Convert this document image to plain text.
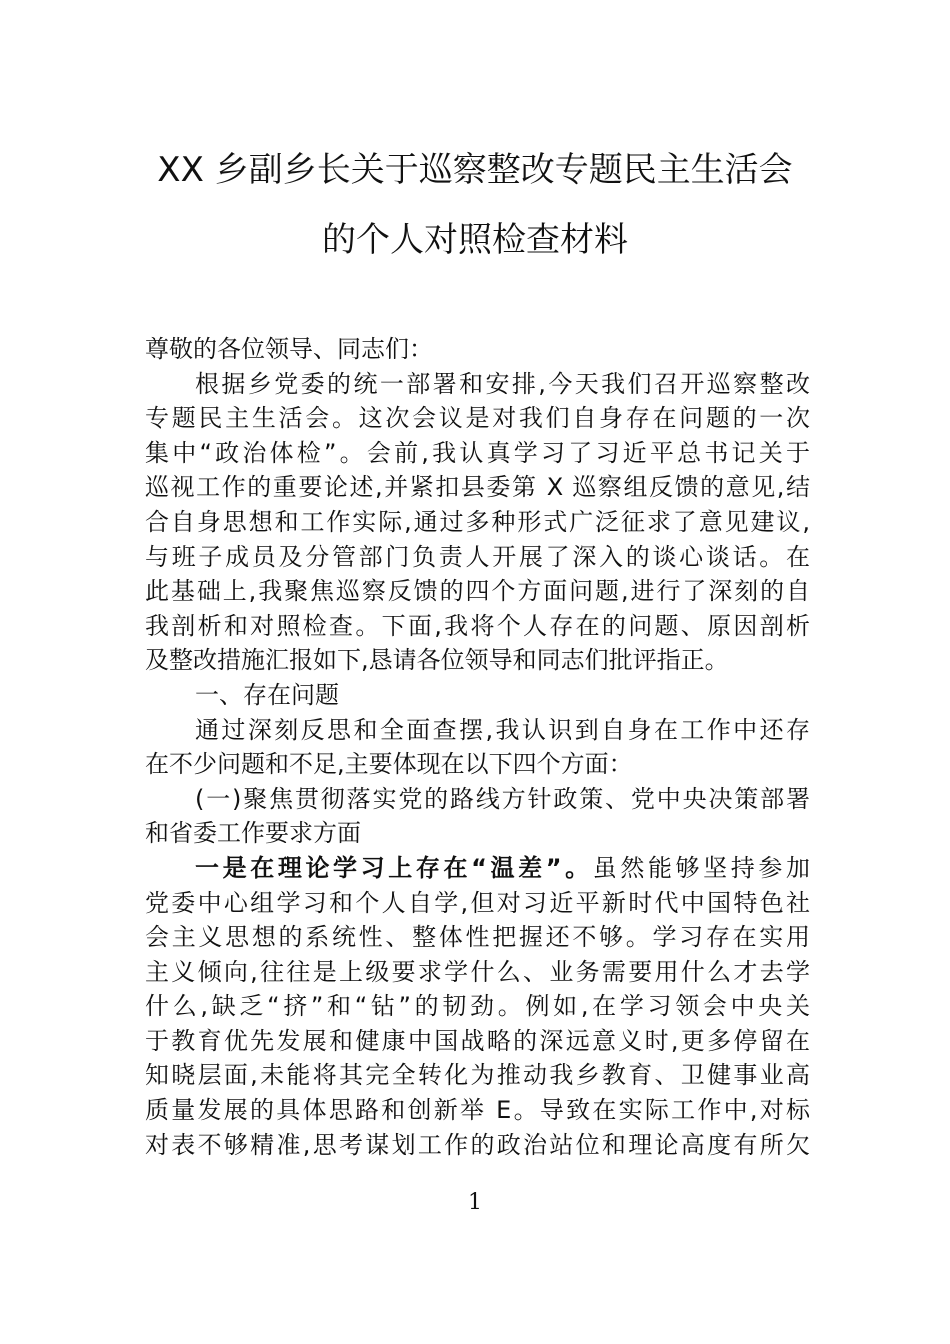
XX 乡副乡长关于巡察整改专题民主生活会
的个人对照检查材料
尊敬的各位领导、同志们：
根据乡党委的统一部署和安排,今天我们召开巡察整改
专题民主生活会。这次会议是对我们自身存在问题的一次
集中“政治体检”。会前,我认真学习了习近平总书记关于
巡视工作的重要论述,并紧扣县委第 X 巡察组反馈的意见,结
合自身思想和工作实际,通过多种形式广泛征求了意见建议,
与班子成员及分管部门负责人开展了深入的谈心谈话。在
此基础上,我聚焦巡察反馈的四个方面问题,进行了深刻的自
我剖析和对照检查。下面,我将个人存在的问题、原因剖析
及整改措施汇报如下,恳请各位领导和同志们批评指正。
一、存在问题
通过深刻反思和全面查摆,我认识到自身在工作中还存
在不少问题和不足,主要体现在以下四个方面：
(一)聚焦贯彻落实党的路线方针政策、党中央决策部署
和省委工作要求方面
一是在理论学习上存在“温差”。虽然能够坚持参加
党委中心组学习和个人自学,但对习近平新时代中国特色社
会主义思想的系统性、整体性把握还不够。学习存在实用
主义倾向,往往是上级要求学什么、业务需要用什么才去学
什么,缺乏“挤”和“钻”的韧劲。例如,在学习领会中央关
于教育优先发展和健康中国战略的深远意义时,更多停留在
知晓层面,未能将其完全转化为推动我乡教育、卫健事业高
质量发展的具体思路和创新举 E。导致在实际工作中,对标
对表不够精准,思考谋划工作的政治站位和理论高度有所欠
1
